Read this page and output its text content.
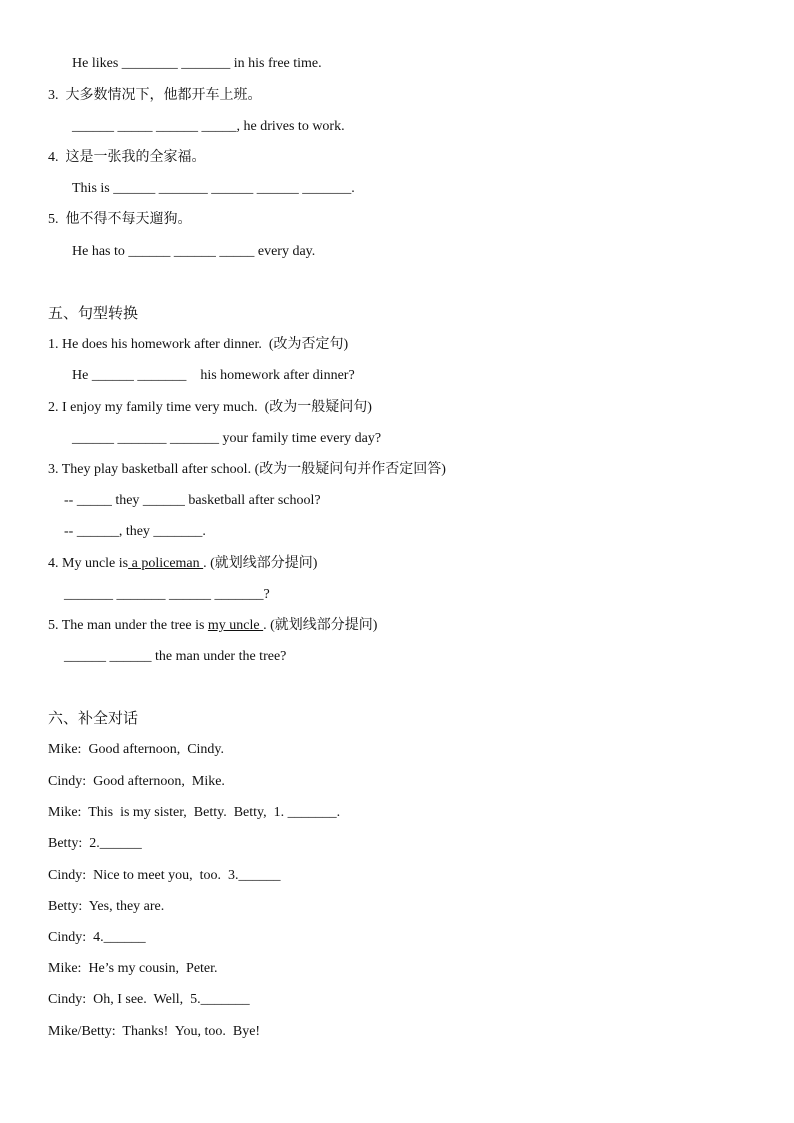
He likes ________ _______ in his free time.
3.  大多数情况下，他都开车上班。
______ _____ ______ _____, he drives to work.
4.  这是一张我的全家福。
This is ______ _______ ______ ______ _______.
5.  他不得不每天遛狗。
He has to ______ ______ _____ every day.
五、句型转换
1. He does his homework after dinner.  (改为否定句)
He ______ _______    his homework after dinner?
2. I enjoy my family time very much.  (改为一般疑问句)
______ _______ _______ your family time every day?
3. They play basketball after school. (改为一般疑问句并作否定回答)
-- _____ they ______ basketball after school?
-- ______, they _______.
4. My uncle is a policeman . (就划线部分提问)
_______ _______ ______ _______?
5. The man under the tree is my uncle . (就划线部分提问)
______ ______ the man under the tree?
六、补全对话
Mike:  Good afternoon,  Cindy.
Cindy:  Good afternoon,  Mike.
Mike:  This  is my sister,  Betty.  Betty,  1. _______.
Betty:  2.______
Cindy:  Nice to meet you,  too.  3.______
Betty:  Yes, they are.
Cindy:  4.______
Mike:  He’s my cousin,  Peter.
Cindy:  Oh, I see.  Well,  5._______
Mike/Betty:  Thanks!  You, too.  Bye!
